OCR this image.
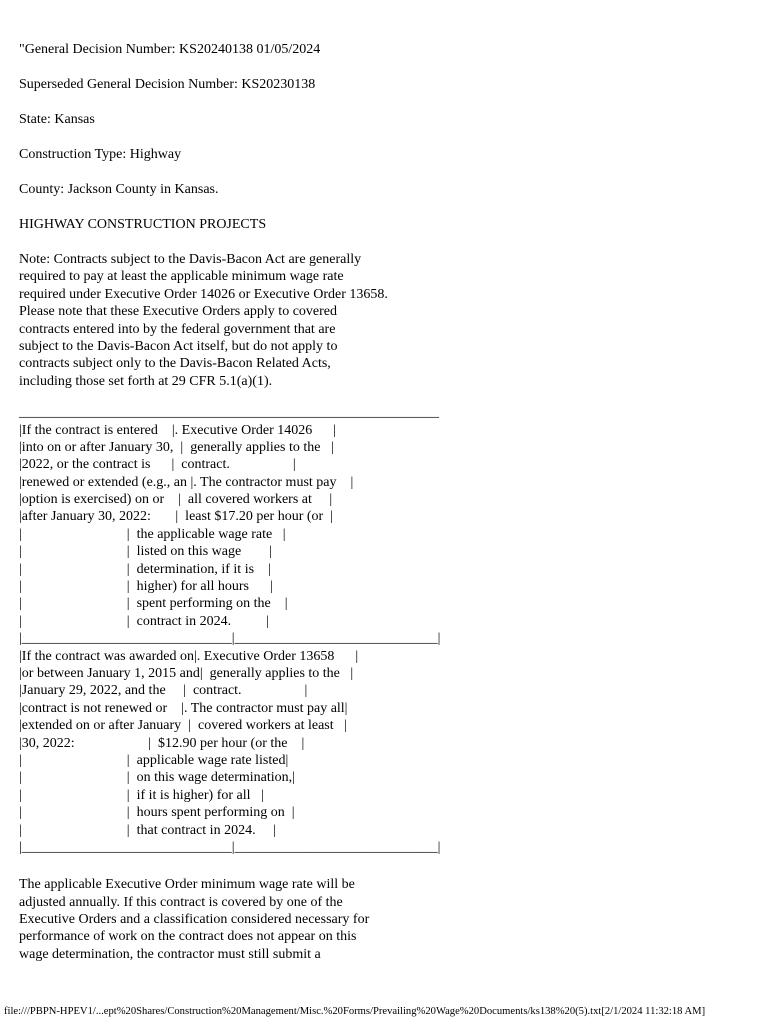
"General Decision Number: KS20240138 01/05/2024
Superseded General Decision Number: KS20230138
State: Kansas
Construction Type: Highway
County: Jackson County in Kansas.
HIGHWAY CONSTRUCTION PROJECTS
Note: Contracts subject to the Davis-Bacon Act are generally
required to pay at least the applicable minimum wage rate
required under Executive Order 14026 or Executive Order 13658.
Please note that these Executive Orders apply to covered
contracts entered into by the federal government that are
subject to the Davis-Bacon Act itself, but do not apply to
contracts subject only to the Davis-Bacon Related Acts,
including those set forth at 29 CFR 5.1(a)(1).
____________________________________________________________
|If the contract is entered    |. Executive Order 14026      |
|into on or after January 30,  |  generally applies to the   |
|2022, or the contract is      |  contract.                  |
|renewed or extended (e.g., an |. The contractor must pay    |
|option is exercised) on or    |  all covered workers at     |
|after January 30, 2022:       |  least $17.20 per hour (or  |
|                              |  the applicable wage rate   |
|                              |  listed on this wage        |
|                              |  determination, if it is    |
|                              |  higher) for all hours      |
|                              |  spent performing on the    |
|                              |  contract in 2024.          |
|______________________________|_____________________________|
|If the contract was awarded on|. Executive Order 13658      |
|or between January 1, 2015 and|  generally applies to the   |
|January 29, 2022, and the     |  contract.                  |
|contract is not renewed or    |. The contractor must pay all|
|extended on or after January  |  covered workers at least   |
|30, 2022:                     |  $12.90 per hour (or the    |
|                              |  applicable wage rate listed|
|                              |  on this wage determination,|
|                              |  if it is higher) for all   |
|                              |  hours spent performing on  |
|                              |  that contract in 2024.     |
|______________________________|_____________________________|
The applicable Executive Order minimum wage rate will be
adjusted annually. If this contract is covered by one of the
Executive Orders and a classification considered necessary for
performance of work on the contract does not appear on this
wage determination, the contractor must still submit a
file:///PBPN-HPEV1/...ept%20Shares/Construction%20Management/Misc.%20Forms/Prevailing%20Wage%20Documents/ks138%20(5).txt[2/1/2024 11:32:18 AM]
